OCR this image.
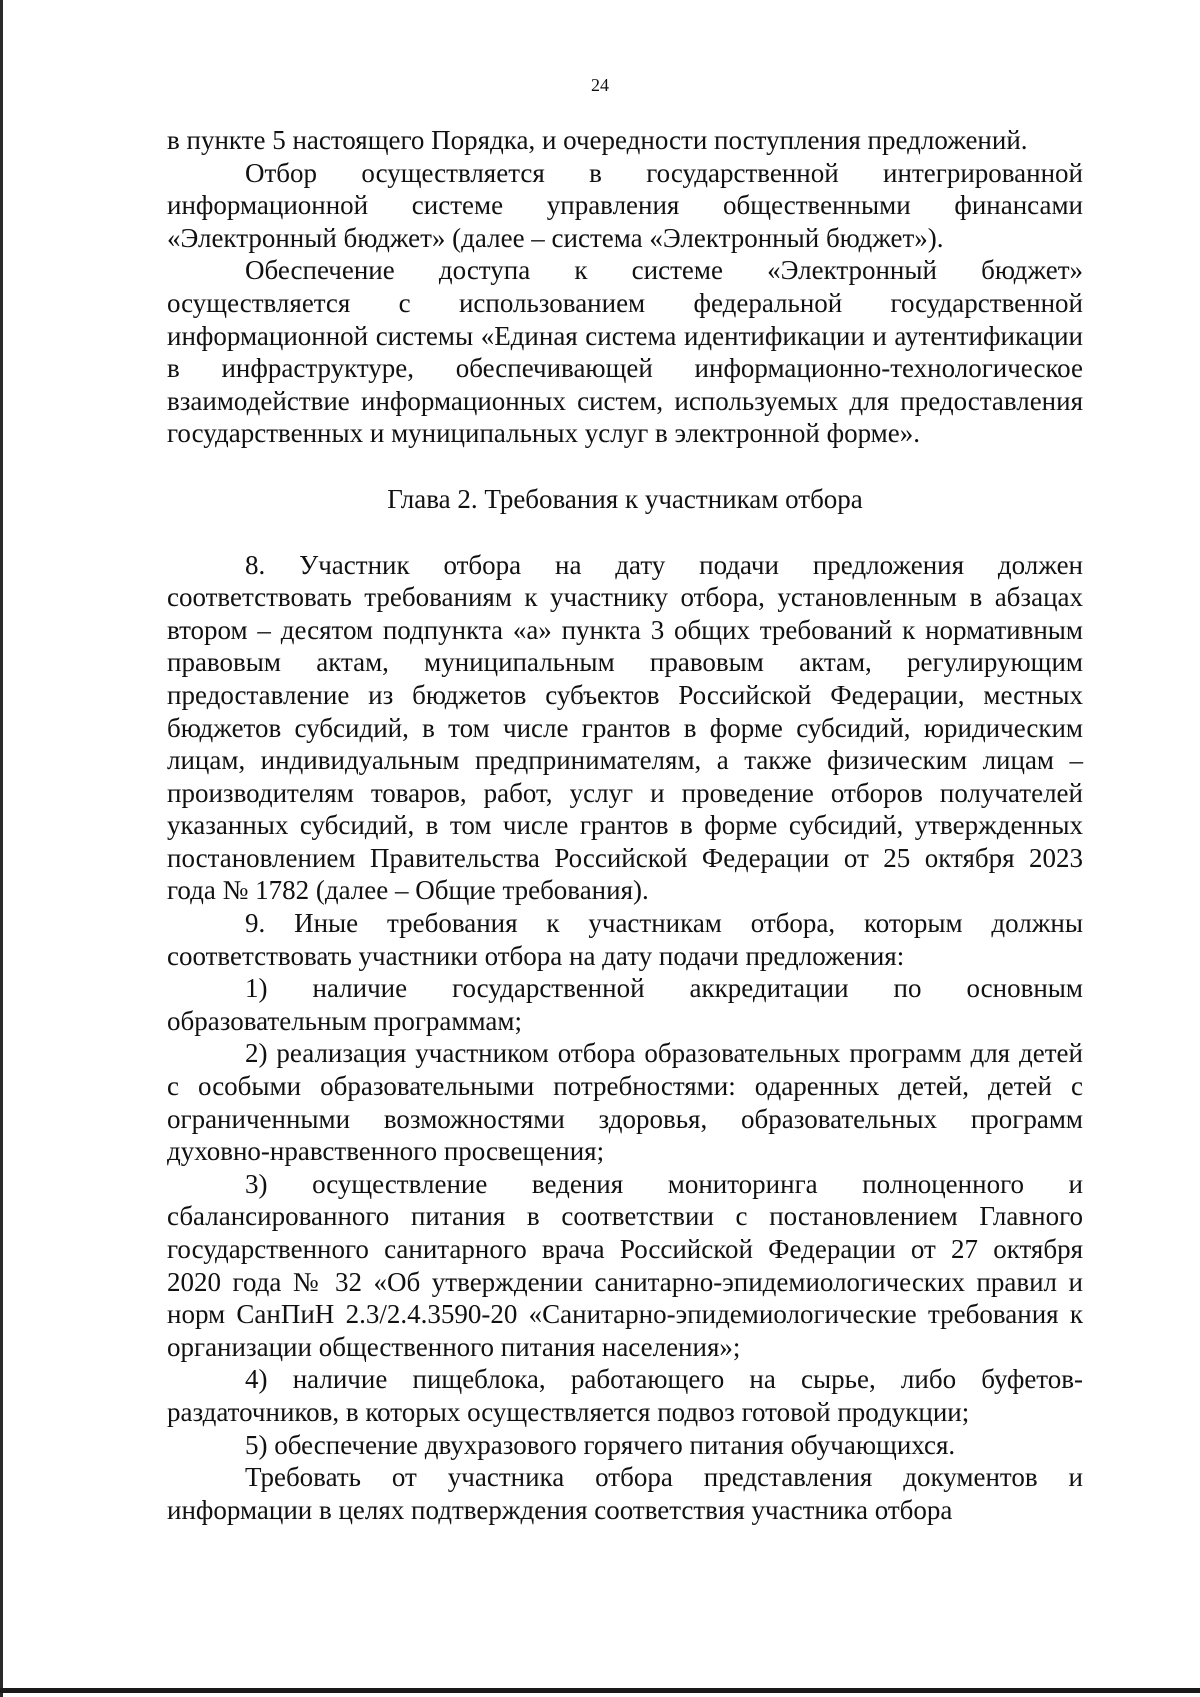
24

в пункте 5 настоящего Порядка, и очередности поступления предложений.

Отбор осуществляется в государственной интегрированной информационной системе управления общественными финансами «Электронный бюджет» (далее – система «Электронный бюджет»).

Обеспечение доступа к системе «Электронный бюджет» осуществляется с использованием федеральной государственной информационной системы «Единая система идентификации и аутентификации в инфраструктуре, обеспечивающей информационно-технологическое взаимодействие информационных систем, используемых для предоставления государственных и муниципальных услуг в электронной форме».

Глава 2. Требования к участникам отбора

8. Участник отбора на дату подачи предложения должен соответствовать требованиям к участнику отбора, установленным в абзацах втором – десятом подпункта «а» пункта 3 общих требований к нормативным правовым актам, муниципальным правовым актам, регулирующим предоставление из бюджетов субъектов Российской Федерации, местных бюджетов субсидий, в том числе грантов в форме субсидий, юридическим лицам, индивидуальным предпринимателям, а также физическим лицам – производителям товаров, работ, услуг и проведение отборов получателей указанных субсидий, в том числе грантов в форме субсидий, утвержденных постановлением Правительства Российской Федерации от 25 октября 2023 года № 1782 (далее – Общие требования).

9. Иные требования к участникам отбора, которым должны соответствовать участники отбора на дату подачи предложения:

1) наличие государственной аккредитации по основным образовательным программам;

2) реализация участником отбора образовательных программ для детей с особыми образовательными потребностями: одаренных детей, детей с ограниченными возможностями здоровья, образовательных программ духовно-нравственного просвещения;

3) осуществление ведения мониторинга полноценного и сбалансированного питания в соответствии с постановлением Главного государственного санитарного врача Российской Федерации от 27 октября 2020 года № 32 «Об утверждении санитарно-эпидемиологических правил и норм СанПиН 2.3/2.4.3590-20 «Санитарно-эпидемиологические требования к организации общественного питания населения»;

4) наличие пищеблока, работающего на сырье, либо буфетов-раздаточников, в которых осуществляется подвоз готовой продукции;

5) обеспечение двухразового горячего питания обучающихся.

Требовать от участника отбора представления документов и информации в целях подтверждения соответствия участника отбора
